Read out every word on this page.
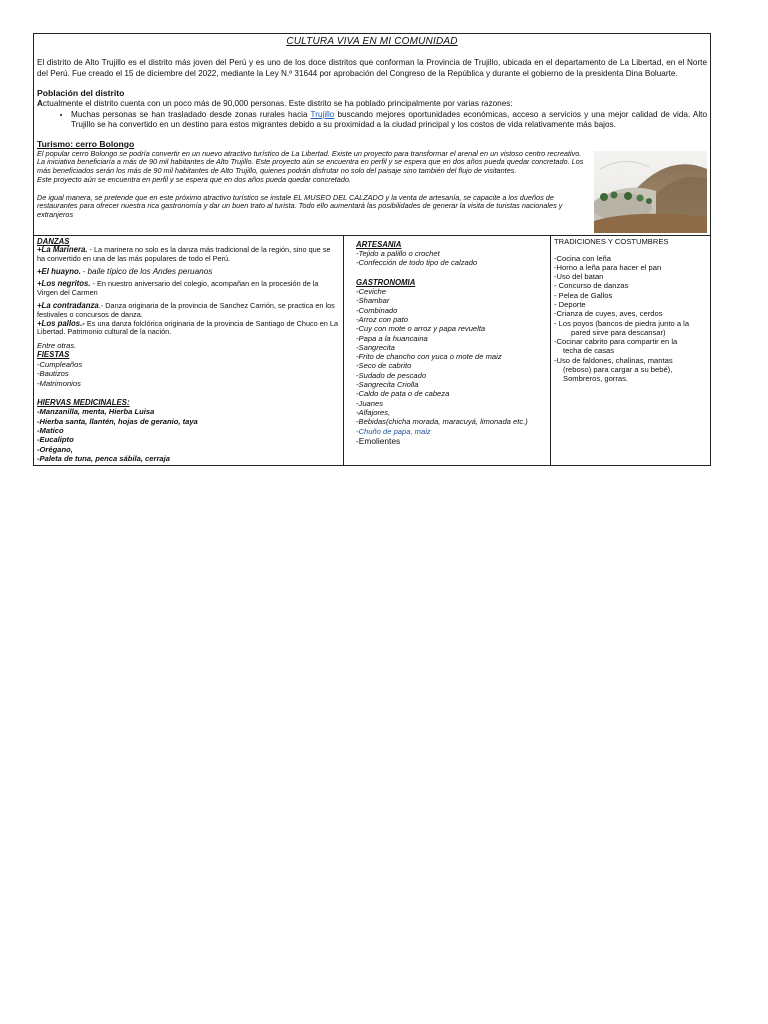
CULTURA VIVA EN MI COMUNIDAD

El distrito de Alto Trujillo es el distrito más joven del Perú y es uno de los doce distritos que conforman la Provincia de Trujillo, ubicada en el departamento de La Libertad, en el Norte del Perú. Fue creado el 15 de diciembre del 2022, mediante la Ley N.º 31644 por aprobación del Congreso de la República y durante el gobierno de la presidenta Dina Boluarte.

Población del distrito

Actualmente el distrito cuenta con un poco más de 90,000 personas. Este distrito se ha poblado principalmente por varias razones:

• Muchas personas se han trasladado desde zonas rurales hacia Trujillo buscando mejores oportunidades económicas, acceso a servicios y una mejor calidad de vida. Alto Trujillo se ha convertido en un destino para estos migrantes debido a su proximidad a la ciudad principal y los costos de vida relativamente más bajos.

Turismo: cerro Bolongo

El popular cerro Bolongo se podría convertir en un nuevo atractivo turístico de La Libertad. Existe un proyecto para transformar el arenal en un vistoso centro recreativo. La iniciativa beneficiaría a más de 90 mil habitantes de Alto Trujillo. Este proyecto aún se encuentra en perfil y se espera que en dos años pueda quedar concretado. Los más beneficiados serán los más de 90 mil habitantes de Alto Trujillo, quienes podrán disfrutar no solo del paisaje sino también del flujo de visitantes.

Este proyecto aún se encuentra en perfil y se espera que en dos años pueda quedar concretado.

De igual manera, se pretende que en este próximo atractivo turístico se instale EL MUSEO DEL CALZADO y la venta de artesanía, se capacite a los dueños de restaurantes para ofrecer nuestra rica gastronomía y dar un buen trato al turista. Todo ello aumentará las posibilidades de generar la visita de turistas nacionales y extranjeros

DANZAS

+La Marinera. - La marinera no solo es la danza más tradicional de la región, sino que se ha convertido en una de las más populares de todo el Perú.

+El huayno. - baile típico de los Andes peruanos

+Los negritos. - En nuestro aniversario del colegio, acompañan en la procesión de la Virgen del Carmen

+La contradanza.- Danza originaria de la provincia de Sanchez Carrión, se practica en los festivales o concursos de danza.

+Los pallos.- Es una danza folclórica originaria de la provincia de Santiago de Chuco en La Libertad. Patrimonio cultural de la nación.

Entre otras.

FIESTAS

-Cumpleaños

-Bautizos

-Matrimonios

HIERVAS MEDICINALES:

-Manzanilla, menta, Hierba Luisa

-Hierba santa, llantén, hojas de geranio, taya

-Matico

-Eucalipto

-Orégano,

-Paleta de tuna, penca sábila, cerraja

ARTESANIA

-Tejido a palillo o crochet

-Confección de todo tipo de calzado

GASTRONOMIA

-Ceviche

-Shambar

-Combinado

-Arroz con pato

-Cuy con mote o arroz y papa revuelta

-Papa a la huancaina

-Sangrecita

-Frito de chancho con yuca o mote de maiz

-Seco de cabrito

-Sudado de pescado

-Sangrecita Criolla

-Caldo de pata o de cabeza

-Juanes

-Alfajores,

-Bebidas(chicha morada, maracuyá, limonada etc.)

-Chuño de papa, maiz

-Emolientes

TRADICIONES Y COSTUMBRES

-Cocina con leña

-Horno a leña para hacer el pan

-Uso del batan

- Concurso de danzas

- Pelea de Gallos

- Deporte

-Crianza de cuyes, aves, cerdos

- Los poyos (bancos de piedra junto a la

pared sirve para descansar)

-Cocinar cabrito para compartir en la

techa de casas

-Uso de faldones, chalinas, mantas

(reboso) para cargar a su bebé),

Sombreros, gorras.
